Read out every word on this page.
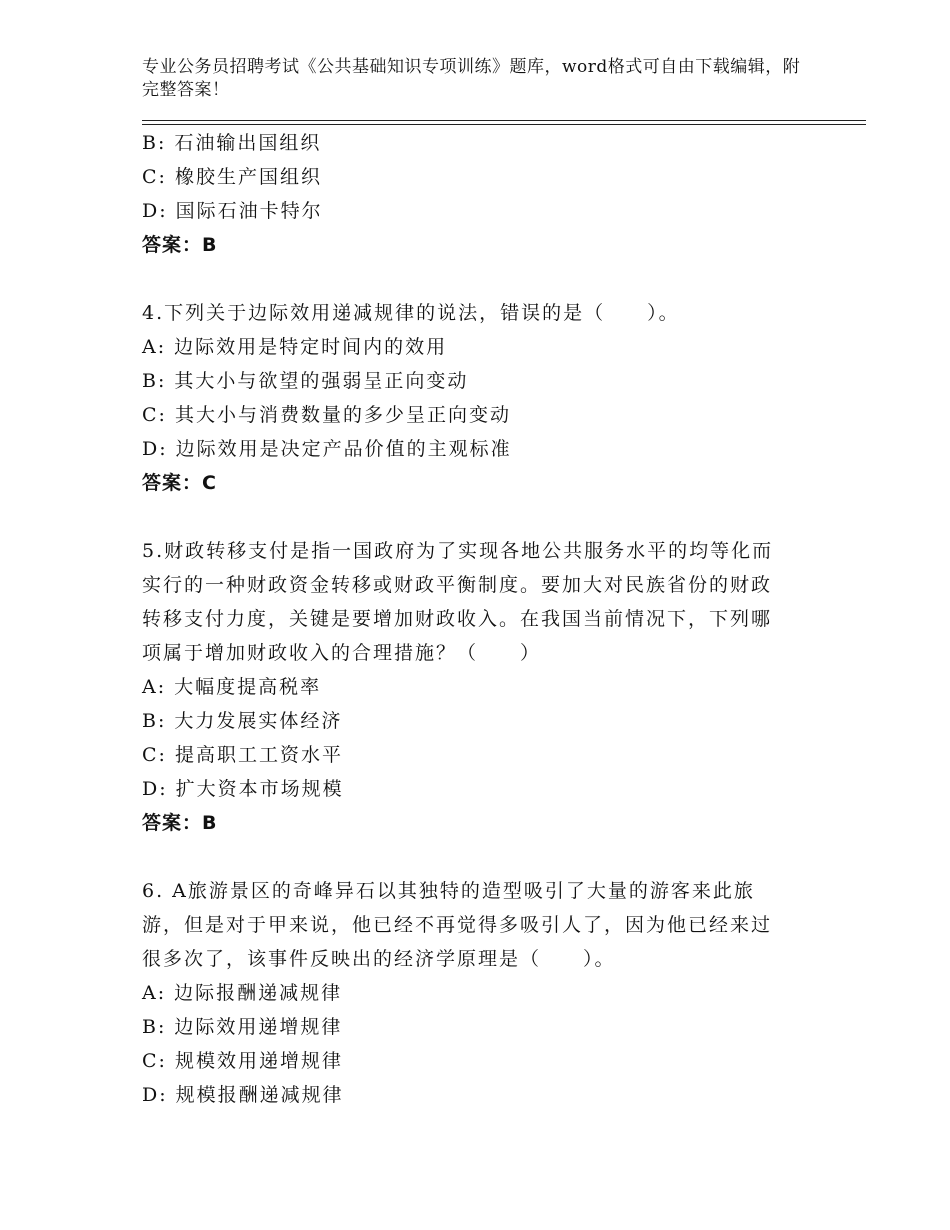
专业公务员招聘考试《公共基础知识专项训练》题库，word格式可自由下载编辑，附完整答案！
B: 石油输出国组织
C: 橡胶生产国组织
D: 国际石油卡特尔
答案：B
4.下列关于边际效用递减规律的说法，错误的是（　　）。
A: 边际效用是特定时间内的效用
B: 其大小与欲望的强弱呈正向变动
C: 其大小与消费数量的多少呈正向变动
D: 边际效用是决定产品价值的主观标准
答案：C
5.财政转移支付是指一国政府为了实现各地公共服务水平的均等化而
实行的一种财政资金转移或财政平衡制度。要加大对民族省份的财政
转移支付力度，关键是要增加财政收入。在我国当前情况下，下列哪
项属于增加财政收入的合理措施？（　　）
A: 大幅度提高税率
B: 大力发展实体经济
C: 提高职工工资水平
D: 扩大资本市场规模
答案：B
6. A旅游景区的奇峰异石以其独特的造型吸引了大量的游客来此旅
游，但是对于甲来说，他已经不再觉得多吸引人了，因为他已经来过
很多次了，该事件反映出的经济学原理是（　　）。
A: 边际报酬递减规律
B: 边际效用递增规律
C: 规模效用递增规律
D: 规模报酬递减规律
